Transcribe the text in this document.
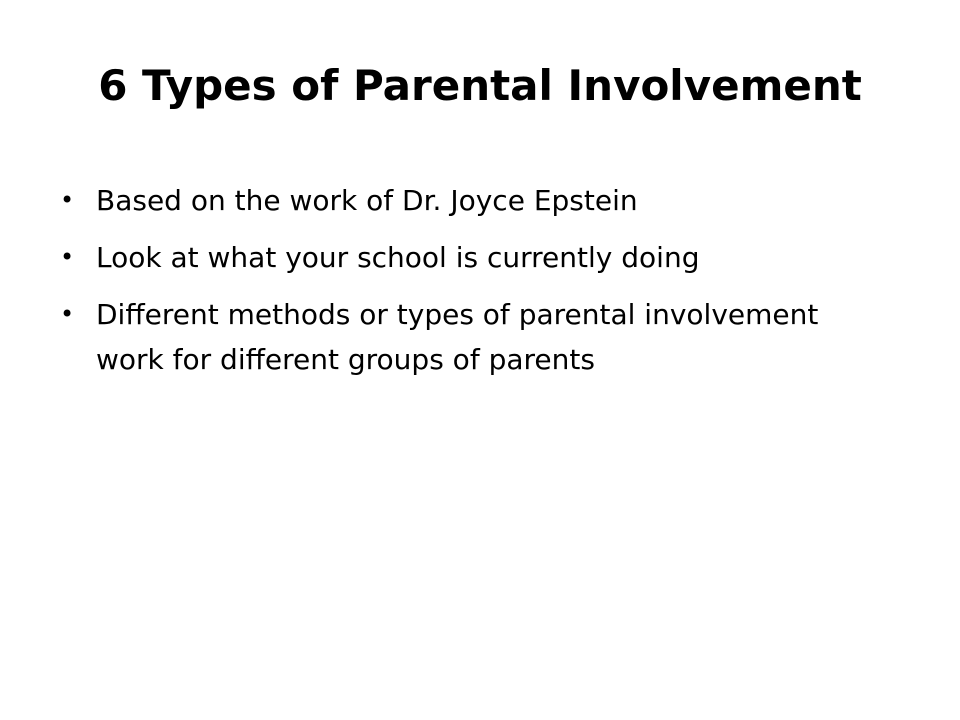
6 Types of Parental Involvement
• Based on the work of Dr. Joyce Epstein
• Look at what your school is currently doing
• Different methods or types of parental involvement work for different groups of parents
